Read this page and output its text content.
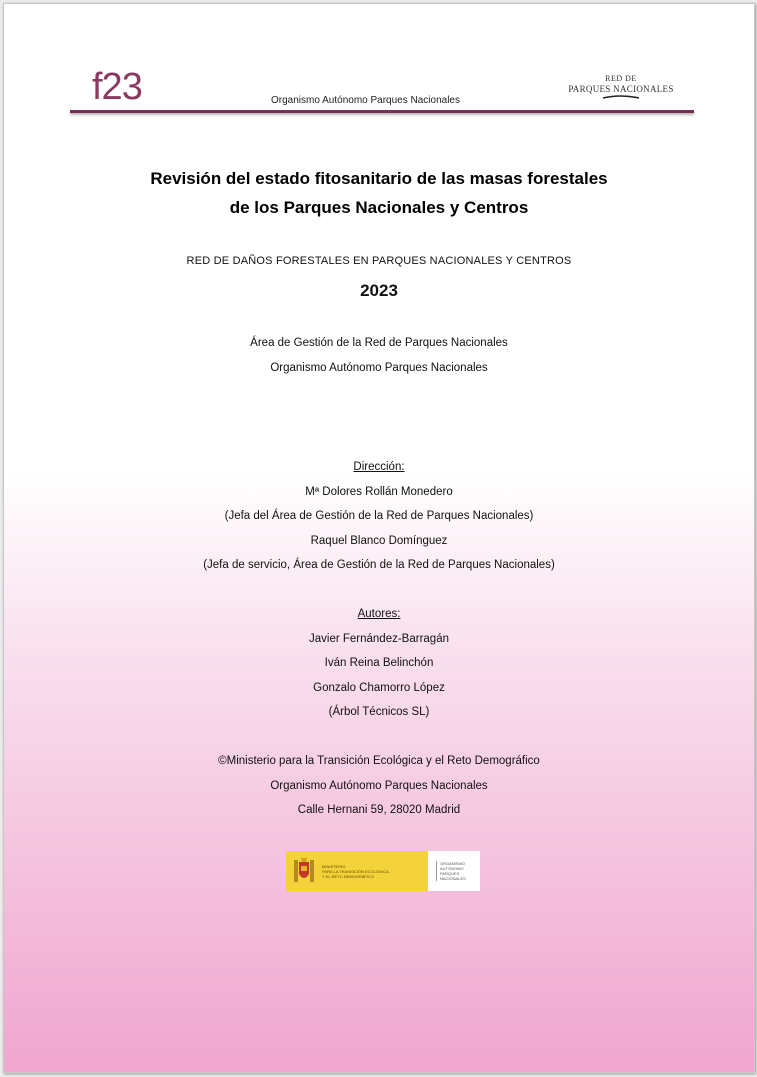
f23	Organismo Autónomo Parques Nacionales
RED DE
PARQUES NACIONALES
Revisión del estado fitosanitario de las masas forestales
de los Parques Nacionales y Centros
RED DE DAÑOS FORESTALES EN PARQUES NACIONALES Y CENTROS
2023
Área de Gestión de la Red de Parques Nacionales
Organismo Autónomo Parques Nacionales
Dirección:
Mª Dolores Rollán Monedero
(Jefa del Área de Gestión de la Red de Parques Nacionales)
Raquel Blanco Domínguez
(Jefa de servicio, Área de Gestión de la Red de Parques Nacionales)
Autores:
Javier Fernández-Barragán
Iván Reina Belinchón
Gonzalo Chamorro López
(Árbol Técnicos SL)
©Ministerio para la Transición Ecológica y el Reto Demográfico
Organismo Autónomo Parques Nacionales
Calle Hernani 59, 28020 Madrid
MINISTERIO
PARA LA TRANSICIÓN ECOLÓGICA
Y EL RETO DEMOGRÁFICO
ORGANISMO
AUTÓNOMO
PARQUES
NACIONALES
